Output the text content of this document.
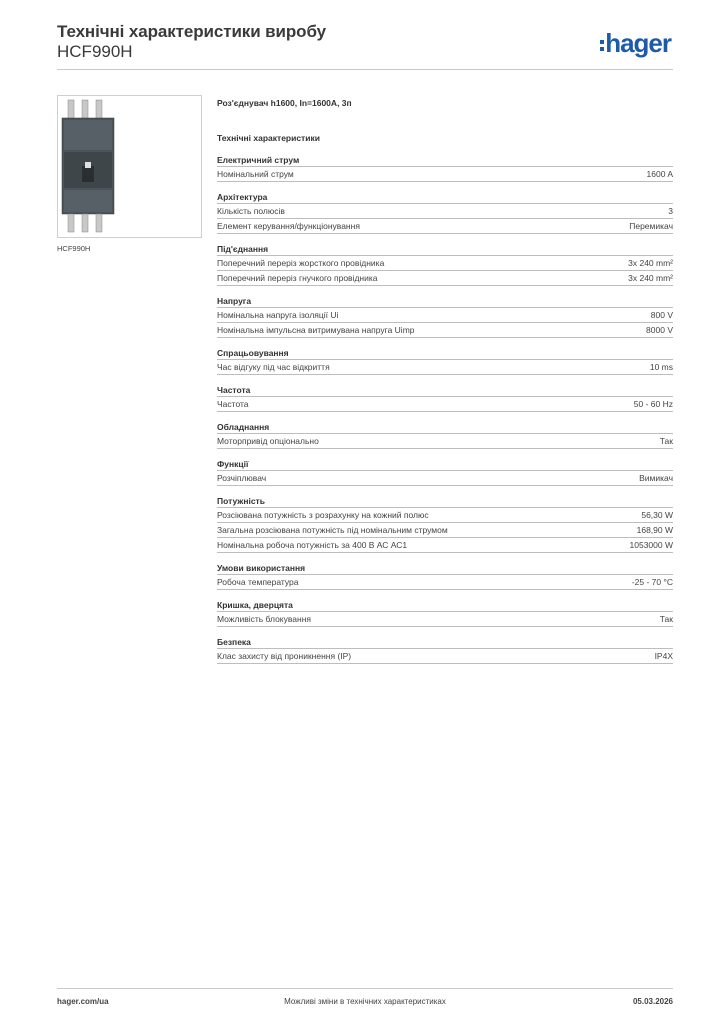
Технічні характеристики виробу
HCF990H	hager
HCF990H
Роз'єднувач h1600, In=1600A, 3п
Технічні характеристики
Електричний струм
Номінальний струм	1600 A
Архітектура
Кількість полюсів	3
Елемент керування/функціонування	Перемикач
Під'єднання
Поперечний переріз жорсткого провідника	3x 240 mm²
Поперечний переріз гнучкого провідника	3x 240 mm²
Напруга
Номінальна напруга ізоляції Ui	800 V
Номінальна імпульсна витримувана напруга Uimp	8000 V
Спрацьовування
Час відгуку під час відкриття	10 ms
Частота
Частота	50 - 60 Hz
Обладнання
Моторпривід опціонально	Так
Функції
Розчіплювач	Вимикач
Потужність
Розсіювана потужність з розрахунку на кожний полюс	56,30 W
Загальна розсіювана потужність під номінальним струмом	168,90 W
Номінальна робоча потужність за 400 В АС АС1	1053000 W
Умови використання
Робоча температура	-25 - 70 °C
Кришка, дверцята
Можливість блокування	Так
Безпека
Клас захисту від проникнення (IP)	IP4X
hager.com/ua	Можливі зміни в технічних характеристиках	05.03.2026
